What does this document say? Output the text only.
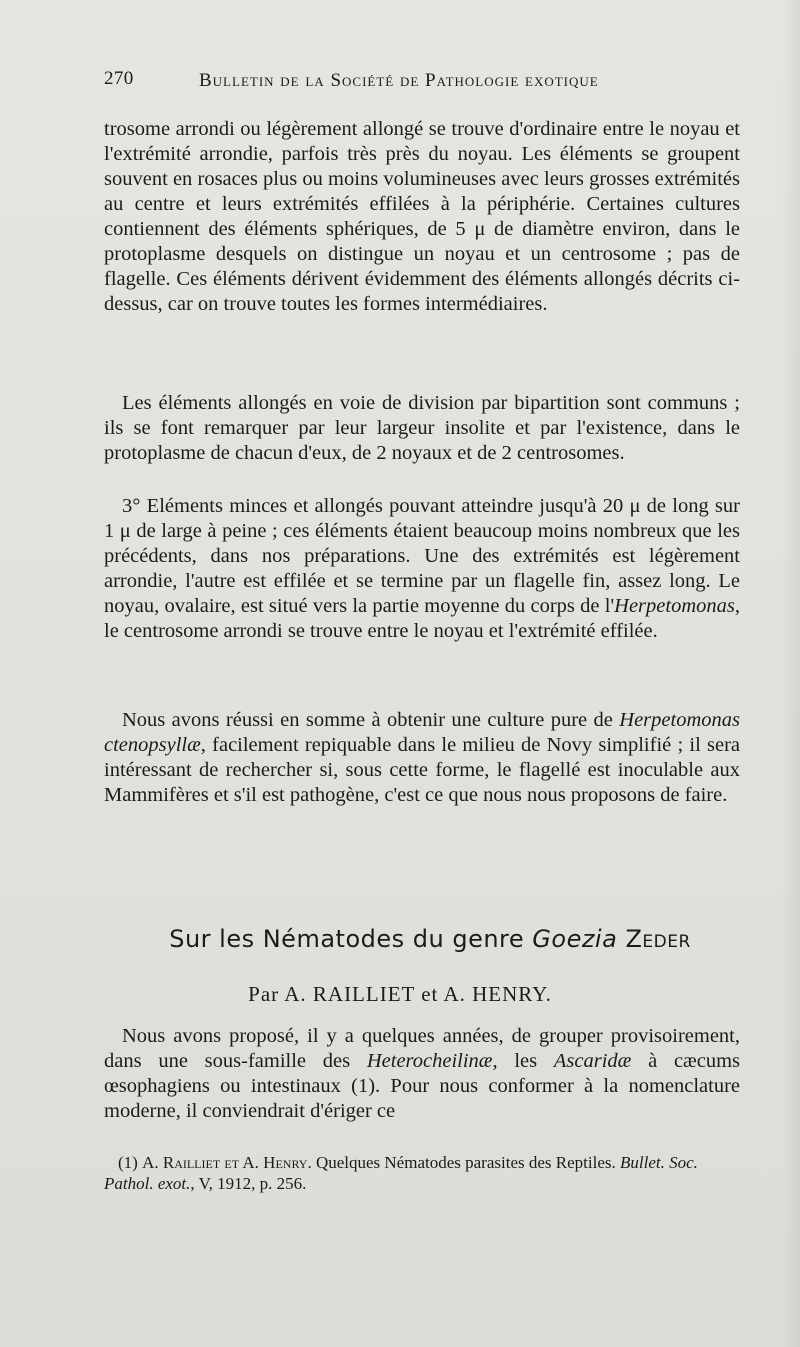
270	Bulletin de la Société de Pathologie exotique

trosome arrondi ou légèrement allongé se trouve d'ordinaire entre le noyau et l'extrémité arrondie, parfois très près du noyau. Les éléments se groupent souvent en rosaces plus ou moins volumineuses avec leurs grosses extrémités au centre et leurs extrémités effilées à la périphérie. Certaines cultures contiennent des éléments sphériques, de 5 μ de diamètre environ, dans le protoplasme desquels on distingue un noyau et un centrosome ; pas de flagelle. Ces éléments dérivent évidemment des éléments allongés décrits ci-dessus, car on trouve toutes les formes intermédiaires.

Les éléments allongés en voie de division par bipartition sont communs ; ils se font remarquer par leur largeur insolite et par l'existence, dans le protoplasme de chacun d'eux, de 2 noyaux et de 2 centrosomes.

3° Eléments minces et allongés pouvant atteindre jusqu'à 20 μ de long sur 1 μ de large à peine ; ces éléments étaient beaucoup moins nombreux que les précédents, dans nos préparations. Une des extrémités est légèrement arrondie, l'autre est effilée et se termine par un flagelle fin, assez long. Le noyau, ovalaire, est situé vers la partie moyenne du corps de l'Herpetomonas, le centrosome arrondi se trouve entre le noyau et l'extrémité effilée.

Nous avons réussi en somme à obtenir une culture pure de Herpetomonas ctenopsyllæ, facilement repiquable dans le milieu de Novy simplifié ; il sera intéressant de rechercher si, sous cette forme, le flagellé est inoculable aux Mammifères et s'il est pathogène, c'est ce que nous nous proposons de faire.

Sur les Nématodes du genre Goezia Zeder
Par A. RAILLIET et A. HENRY.

Nous avons proposé, il y a quelques années, de grouper provisoirement, dans une sous-famille des Heterocheilinæ, les Ascaridæ à cæcums œsophagiens ou intestinaux (1). Pour nous conformer à la nomenclature moderne, il conviendrait d'ériger ce

(1) A. Railliet et A. Henry. Quelques Nématodes parasites des Reptiles. Bullet. Soc. Pathol. exot., V, 1912, p. 256.
